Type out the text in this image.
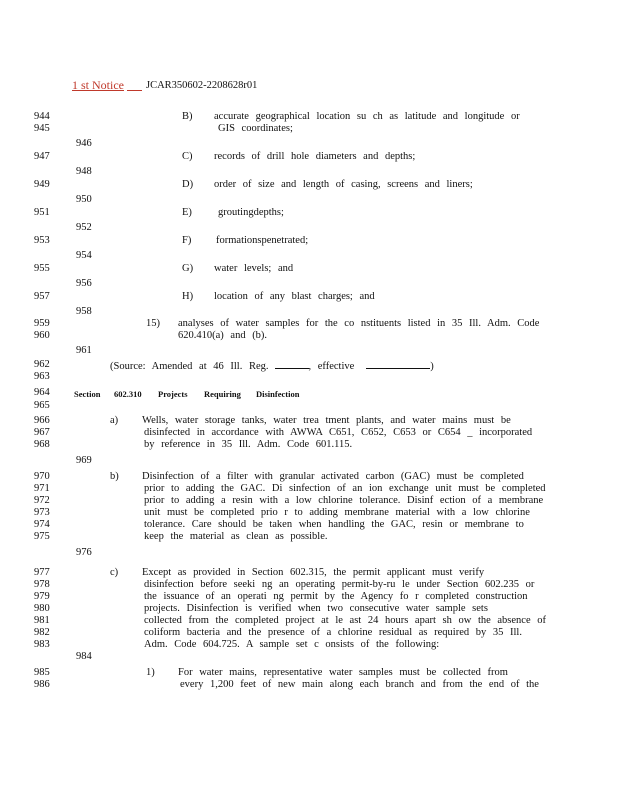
1 st Notice	JCAR350602-2208628r01
944	B) accurate geographical location su ch as latitude and longitude or
945	GIS coordinates;
946
947	C) records of drill hole diameters and depths;
948
949	D) order of size and length of casing, screens and liners;
950
951	E) groutingdepths;
952
953	F) formationspenetrated;
954
955	G) water levels; and
956
957	H) location of any blast charges; and
958
959	15) analyses of water samples for the co nstituents listed in 35 Ill. Adm. Code
960	620.410(a) and (b).
961
962	(Source: Amended at 46 Ill. Reg.	, effective	)
963
964	Section 602.310 Projects Requiring Disinfection
965
966	a) Wells, water storage tanks, water trea tment plants, and water mains must be
967	disinfected in accordance with AWWA C651, C652, C653 or C654 _ incorporated
968	by reference in 35 Ill. Adm. Code 601.115.
969
970	b) Disinfection of a filter with granular activated carbon (GAC) must be completed
971	prior to adding the GAC. Di sinfection of an ion exchange unit must be completed
972	prior to adding a resin with a low chlorine tolerance. Disinf ection of a membrane
973	unit must be completed prio r to adding membrane material with a low chlorine
974	tolerance. Care should be taken when handling the GAC, resin or membrane to
975	keep the material as clean as possible.
976
977	c) Except as provided in Section 602.315, the permit applicant must verify
978	disinfection before seeki ng an operating permit-by-ru le under Section 602.235 or
979	the issuance of an operati ng permit by the Agency fo r completed construction
980	projects. Disinfection is verified when two consecutive water sample sets
981	collected from the completed project at le ast 24 hours apart sh ow the absence of
982	coliform bacteria and the presence of a chlorine residual as required by 35 Ill.
983	Adm. Code 604.725. A sample set c onsists of the following:
984
985	1) For water mains, representative water samples must be collected from
986	every 1,200 feet of new main along each branch and from the end of the
